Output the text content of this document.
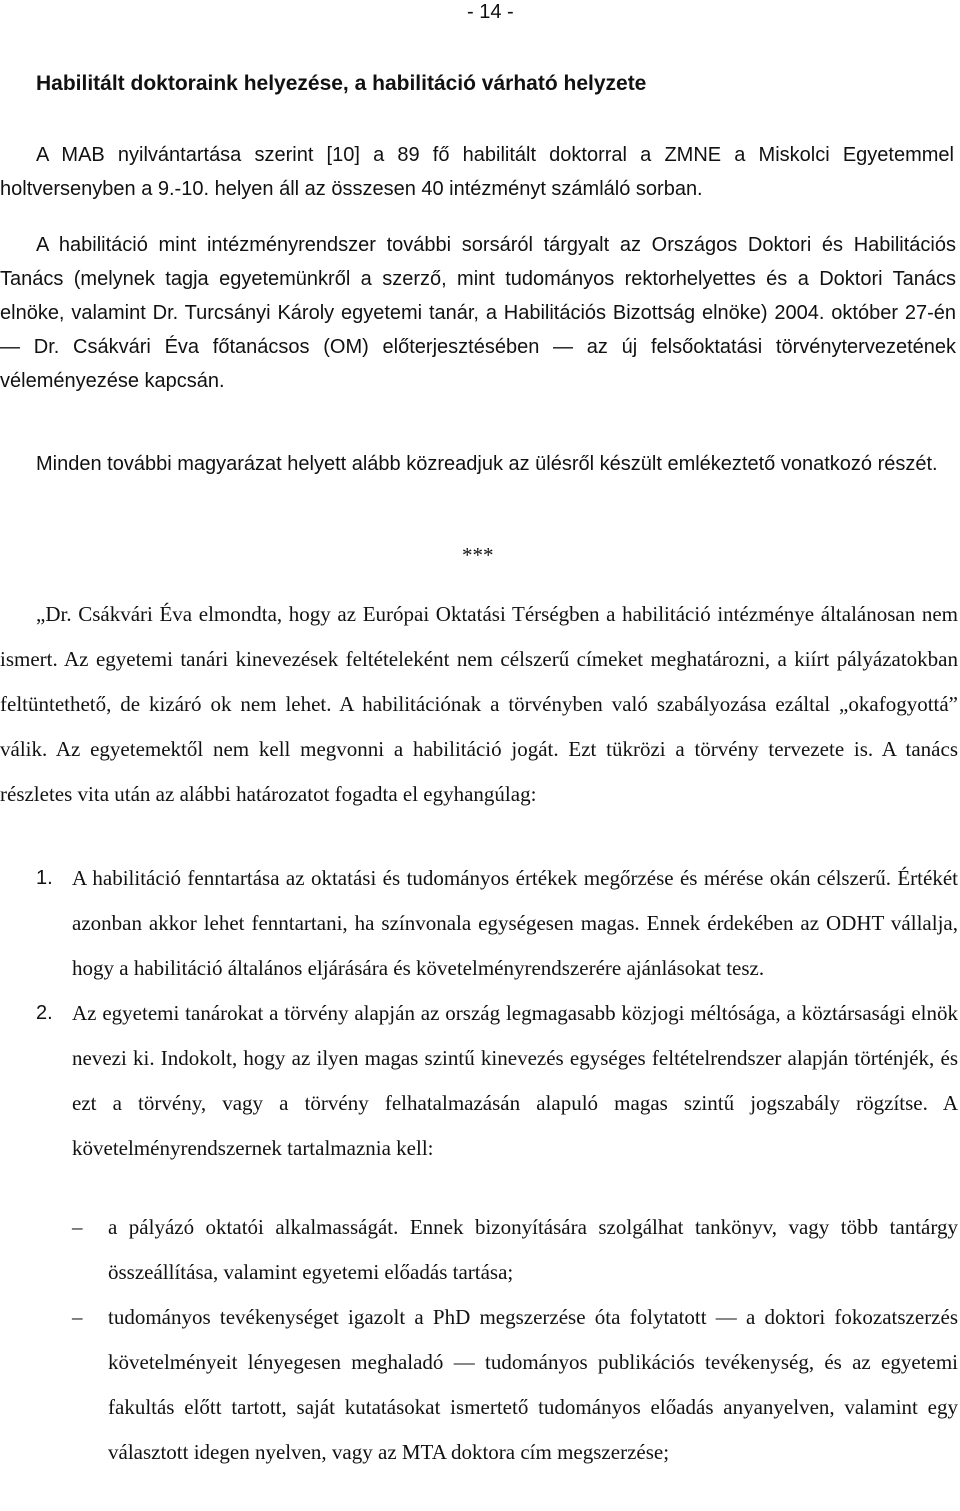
- 14 -
Habilitált doktoraink helyezése, a habilitáció várható helyzete

A MAB nyilvántartása szerint [10] a 89 fő habilitált doktorral a ZMNE a Miskolci Egyetemmel holtversenyben a 9.-10. helyen áll az összesen 40 intézményt számláló sorban.

A habilitáció mint intézményrendszer további sorsáról tárgyalt az Országos Doktori és Habilitációs Tanács (melynek tagja egyetemünkről a szerző, mint tudományos rektorhelyettes és a Doktori Tanács elnöke, valamint Dr. Turcsányi Károly egyetemi tanár, a Habilitációs Bizottság elnöke) 2004. október 27-én — Dr. Csákvári Éva főtanácsos (OM) előterjesztésében — az új felsőoktatási törvénytervezetének véleményezése kapcsán.

Minden további magyarázat helyett alább közreadjuk az ülésről készült emlékeztető vonatkozó részét.

***

„Dr. Csákvári Éva elmondta, hogy az Európai Oktatási Térségben a habilitáció intézménye általánosan nem ismert. Az egyetemi tanári kinevezések feltételeként nem célszerű címeket meghatározni, a kiírt pályázatokban feltüntethető, de kizáró ok nem lehet. A habilitációnak a törvényben való szabályozása ezáltal „okafogyottá” válik. Az egyetemektől nem kell megvonni a habilitáció jogát. Ezt tükrözi a törvény tervezete is. A tanács részletes vita után az alábbi határozatot fogadta el egyhangúlag:

1. A habilitáció fenntartása az oktatási és tudományos értékek megőrzése és mérése okán célszerű. Értékét azonban akkor lehet fenntartani, ha színvonala egységesen magas. Ennek érdekében az ODHT vállalja, hogy a habilitáció általános eljárására és követelményrendszerére ajánlásokat tesz.

2. Az egyetemi tanárokat a törvény alapján az ország legmagasabb közjogi méltósága, a köztársasági elnök nevezi ki. Indokolt, hogy az ilyen magas szintű kinevezés egységes feltételrendszer alapján történjék, és ezt a törvény, vagy a törvény felhatalmazásán alapuló magas szintű jogszabály rögzítse. A követelményrendszernek tartalmaznia kell:

– a pályázó oktatói alkalmasságát. Ennek bizonyítására szolgálhat tankönyv, vagy több tantárgy összeállítása, valamint egyetemi előadás tartása;

– tudományos tevékenységet igazolt a PhD megszerzése óta folytatott — a doktori fokozatszerzés követelményeit lényegesen meghaladó — tudományos publikációs tevékenység, és az egyetemi fakultás előtt tartott, saját kutatásokat ismertető tudományos előadás anyanyelven, valamint egy választott idegen nyelven, vagy az MTA doktora cím megszerzése;
